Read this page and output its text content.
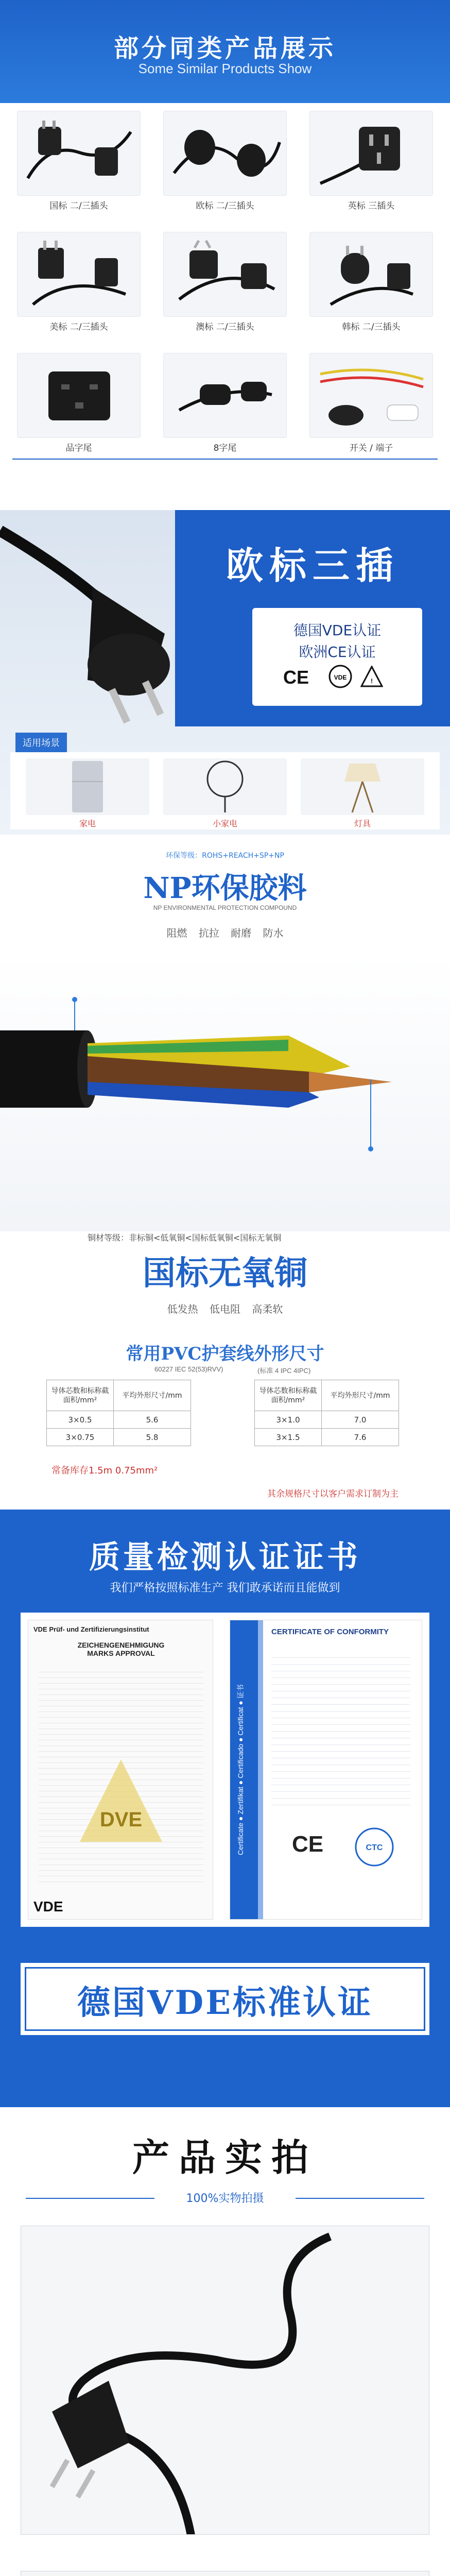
部分同类产品展示
Some Similar Products Show
国标 二/三插头	欧标 二/三插头	英标 三插头
美标 二/三插头	澳标 二/三插头	韩标 二/三插头
品字尾	8字尾	开关 / 端子
欧标三插
德国VDE认证
欧洲CE认证
CE	VDE	!
适用场景
家电	小家电	灯具
环保等级：ROHS+REACH+SP+NP
NP环保胶料
NP ENVIRONMENTAL PROTECTION COMPOUND
阻燃 抗拉 耐磨 防水
铜材等级：非标铜<低氧铜<国标低氧铜<国标无氧铜
国标无氧铜
低发热 低电阻 高柔软
常用PVC护套线外形尺寸
60227 IEC 52(53)RVV)	(标准 4 IPC 4IPC)
导体芯数和标称截面积/mm²	平均外形尺寸/mm
3×0.5	5.6
3×0.75	5.8
导体芯数和标称截面积/mm²	平均外形尺寸/mm
3×1.0	7.0
3×1.5	7.6
常备库存1.5m 0.75mm²
其余规格尺寸以客户需求订制为主
质量检测认证证书
我们严格按照标准生产 我们敢承诺而且能做到
VDE Prüf- und Zertifizierungsinstitut
ZEICHENGENEHMIGUNG
MARKS APPROVAL
DVE
VDE
Certificate ● Zertifikat ● Certificado ● Certificat ● 证书
CERTIFICATE OF CONFORMITY
CE	CTC
德国VDE标准认证
产品实拍
100%实物拍摄
